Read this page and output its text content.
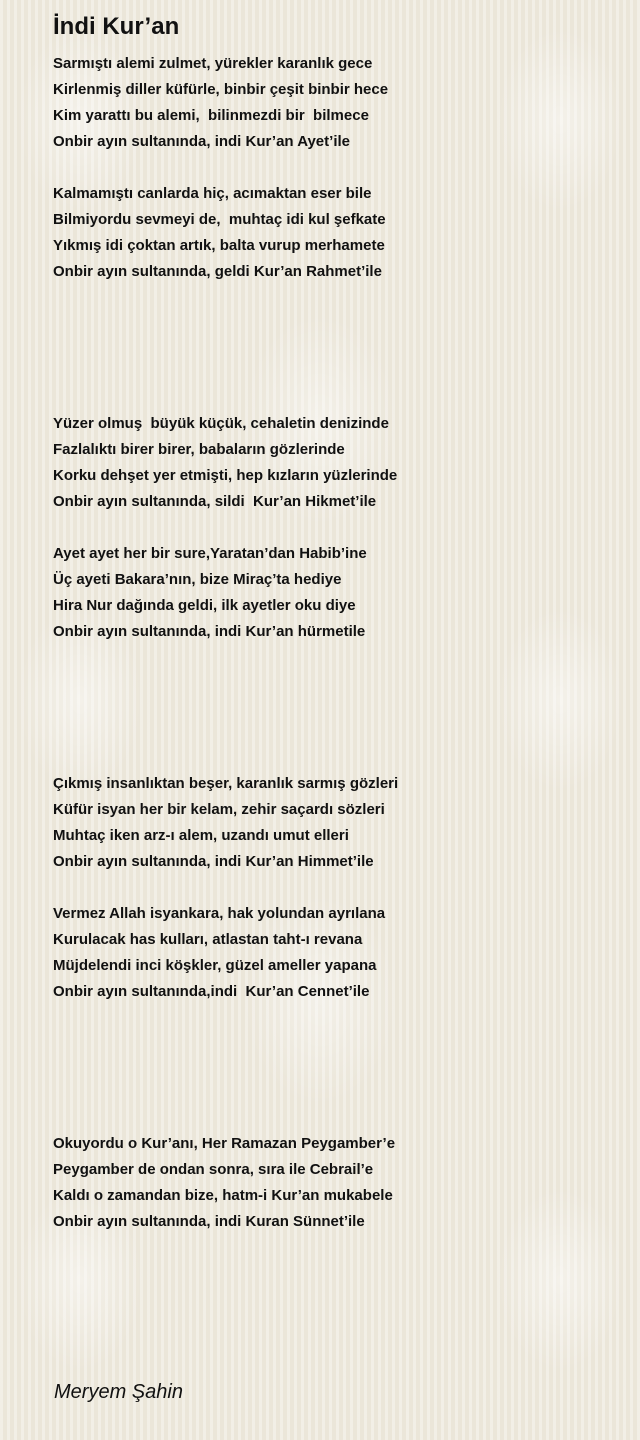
İndi Kur’an
Sarmıştı alemi zulmet, yürekler karanlık gece
Kirlenmiş diller küfürle, binbir çeşit binbir hece
Kim yarattı bu alemi,  bilinmezdi bir  bilmece
Onbir ayın sultanında, indi Kur’an Ayet’ile
Kalmamıştı canlarda hiç, acımaktan eser bile
Bilmiyordu sevmeyi de,  muhtaç idi kul şefkate
Yıkmış idi çoktan artık, balta vurup merhamete
Onbir ayın sultanında, geldi Kur’an Rahmet’ile
Yüzer olmuş  büyük küçük, cehaletin denizinde
Fazlalıktı birer birer, babaların gözlerinde
Korku dehşet yer etmişti, hep kızların yüzlerinde
Onbir ayın sultanında, sildi  Kur’an Hikmet’ile
Ayet ayet her bir sure,Yaratan’dan Habib’ine
Üç ayeti Bakara’nın, bize Miraç’ta hediye
Hira Nur dağında geldi, ilk ayetler oku diye
Onbir ayın sultanında, indi Kur’an hürmetile
Çıkmış insanlıktan beşer, karanlık sarmış gözleri
Küfür isyan her bir kelam, zehir saçardı sözleri
Muhtaç iken arz-ı alem, uzandı umut elleri
Onbir ayın sultanında, indi Kur’an Himmet’ile
Vermez Allah isyankara, hak yolundan ayrılana
Kurulacak has kulları, atlastan taht-ı revana
Müjdelendi inci köşkler, güzel ameller yapana
Onbir ayın sultanında,indi  Kur’an Cennet’ile
Okuyordu o Kur’anı, Her Ramazan Peygamber’e
Peygamber de ondan sonra, sıra ile Cebrail’e
Kaldı o zamandan bize, hatm-i Kur’an mukabele
Onbir ayın sultanında, indi Kuran Sünnet’ile
Meryem Şahin
